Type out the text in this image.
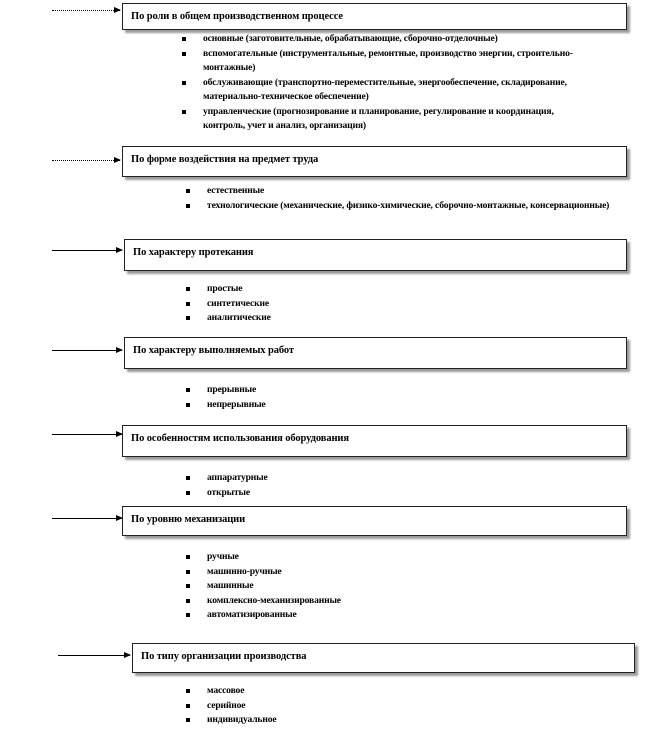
По роли в общем производственном процессе
основные (заготовительные, обрабатывающие, сборочно-отделочные)
вспомогательные (инструментальные, ремонтные, производство энергии, строительно-монтажные)
обслуживающие (транспортно-переместительные, энергообеспечение, складирование, материально-техническое обеспечение)
управленческие (прогнозирование и планирование, регулирование и координация, контроль, учет и анализ, организация)
По форме воздействия на предмет труда
естественные
технологические (механические, физико-химические, сборочно-монтажные, консервационные)
По характеру протекания
простые
синтетические
аналитические
По характеру выполняемых работ
прерывные
непрерывные
По особенностям использования оборудования
аппаратурные
открытые
По уровню механизации
ручные
машинно-ручные
машинные
комплексно-механизированные
автоматизированные
По типу организации производства
массовое
серийное
индивидуальное
